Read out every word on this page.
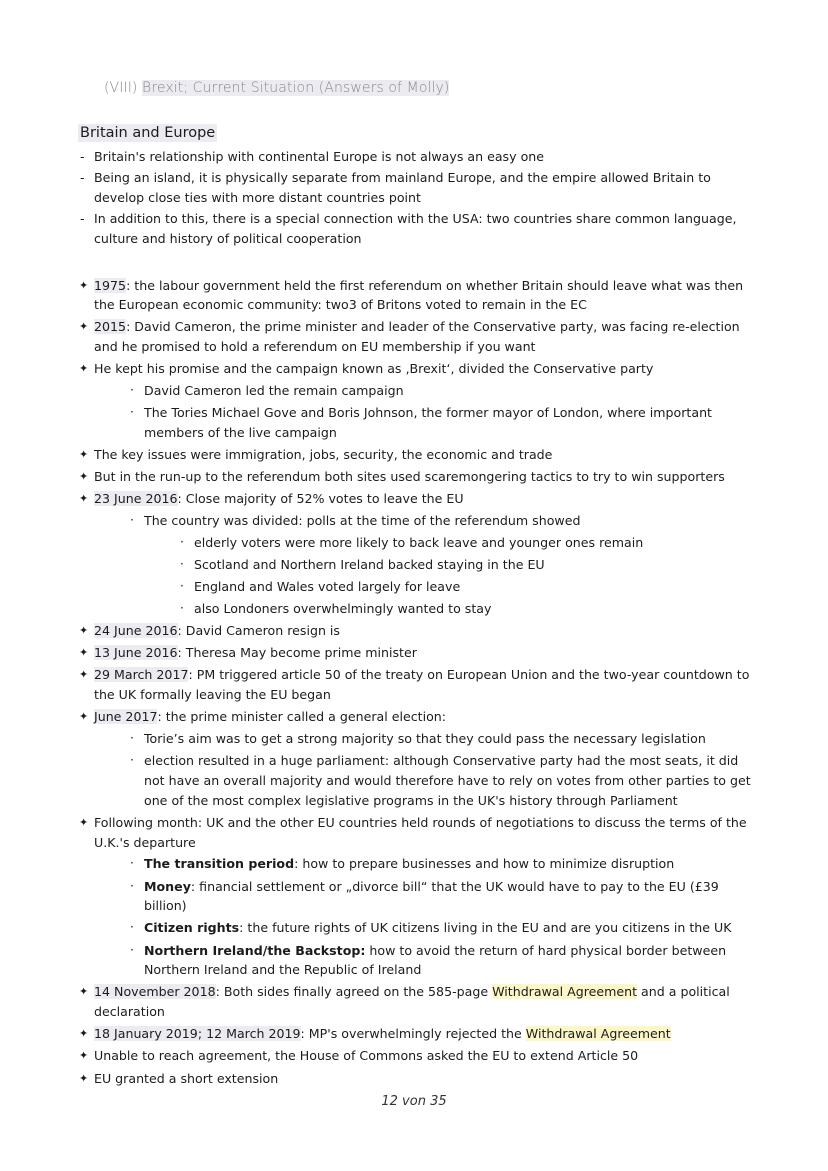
(VIII) Brexit; Current Situation (Answers of Molly)
Britain and Europe
- Britain's relationship with continental Europe is not always an easy one
- Being an island, it is physically separate from mainland Europe, and the empire allowed Britain to develop close ties with more distant countries point
- In addition to this, there is a special connection with the USA: two countries share common language, culture and history of political cooperation
✦ 1975: the labour government held the first referendum on whether Britain should leave what was then the European economic community: two3 of Britons voted to remain in the EC
✦ 2015: David Cameron, the prime minister and leader of the Conservative party, was facing re-election and he promised to hold a referendum on EU membership if you want
✦ He kept his promise and the campaign known as ‚Brexit‘, divided the Conservative party
· David Cameron led the remain campaign
· The Tories Michael Gove and Boris Johnson, the former mayor of London, where important members of the live campaign
✦ The key issues were immigration, jobs, security, the economic and trade
✦ But in the run-up to the referendum both sites used scaremongering tactics to try to win supporters
✦ 23 June 2016: Close majority of 52% votes to leave the EU
· The country was divided: polls at the time of the referendum showed
· elderly voters were more likely to back leave and younger ones remain
· Scotland and Northern Ireland backed staying in the EU
· England and Wales voted largely for leave
· also Londoners overwhelmingly wanted to stay
✦ 24 June 2016: David Cameron resign is
✦ 13 June 2016: Theresa May become prime minister
✦ 29 March 2017: PM triggered article 50 of the treaty on European Union and the two-year countdown to the UK formally leaving the EU began
✦ June 2017: the prime minister called a general election:
· Torie’s aim was to get a strong majority so that they could pass the necessary legislation
· election resulted in a huge parliament: although Conservative party had the most seats, it did not have an overall majority and would therefore have to rely on votes from other parties to get one of the most complex legislative programs in the UK's history through Parliament
✦ Following month: UK and the other EU countries held rounds of negotiations to discuss the terms of the U.K.'s departure
· The transition period: how to prepare businesses and how to minimize disruption
· Money: financial settlement or „divorce bill“ that the UK would have to pay to the EU (£39 billion)
· Citizen rights: the future rights of UK citizens living in the EU and are you citizens in the UK
· Northern Ireland/the Backstop: how to avoid the return of hard physical border between Northern Ireland and the Republic of Ireland
✦ 14 November 2018: Both sides finally agreed on the 585-page Withdrawal Agreement and a political declaration
✦ 18 January 2019; 12 March 2019: MP's overwhelmingly rejected the Withdrawal Agreement
✦ Unable to reach agreement, the House of Commons asked the EU to extend Article 50
✦ EU granted a short extension
12 von 35
